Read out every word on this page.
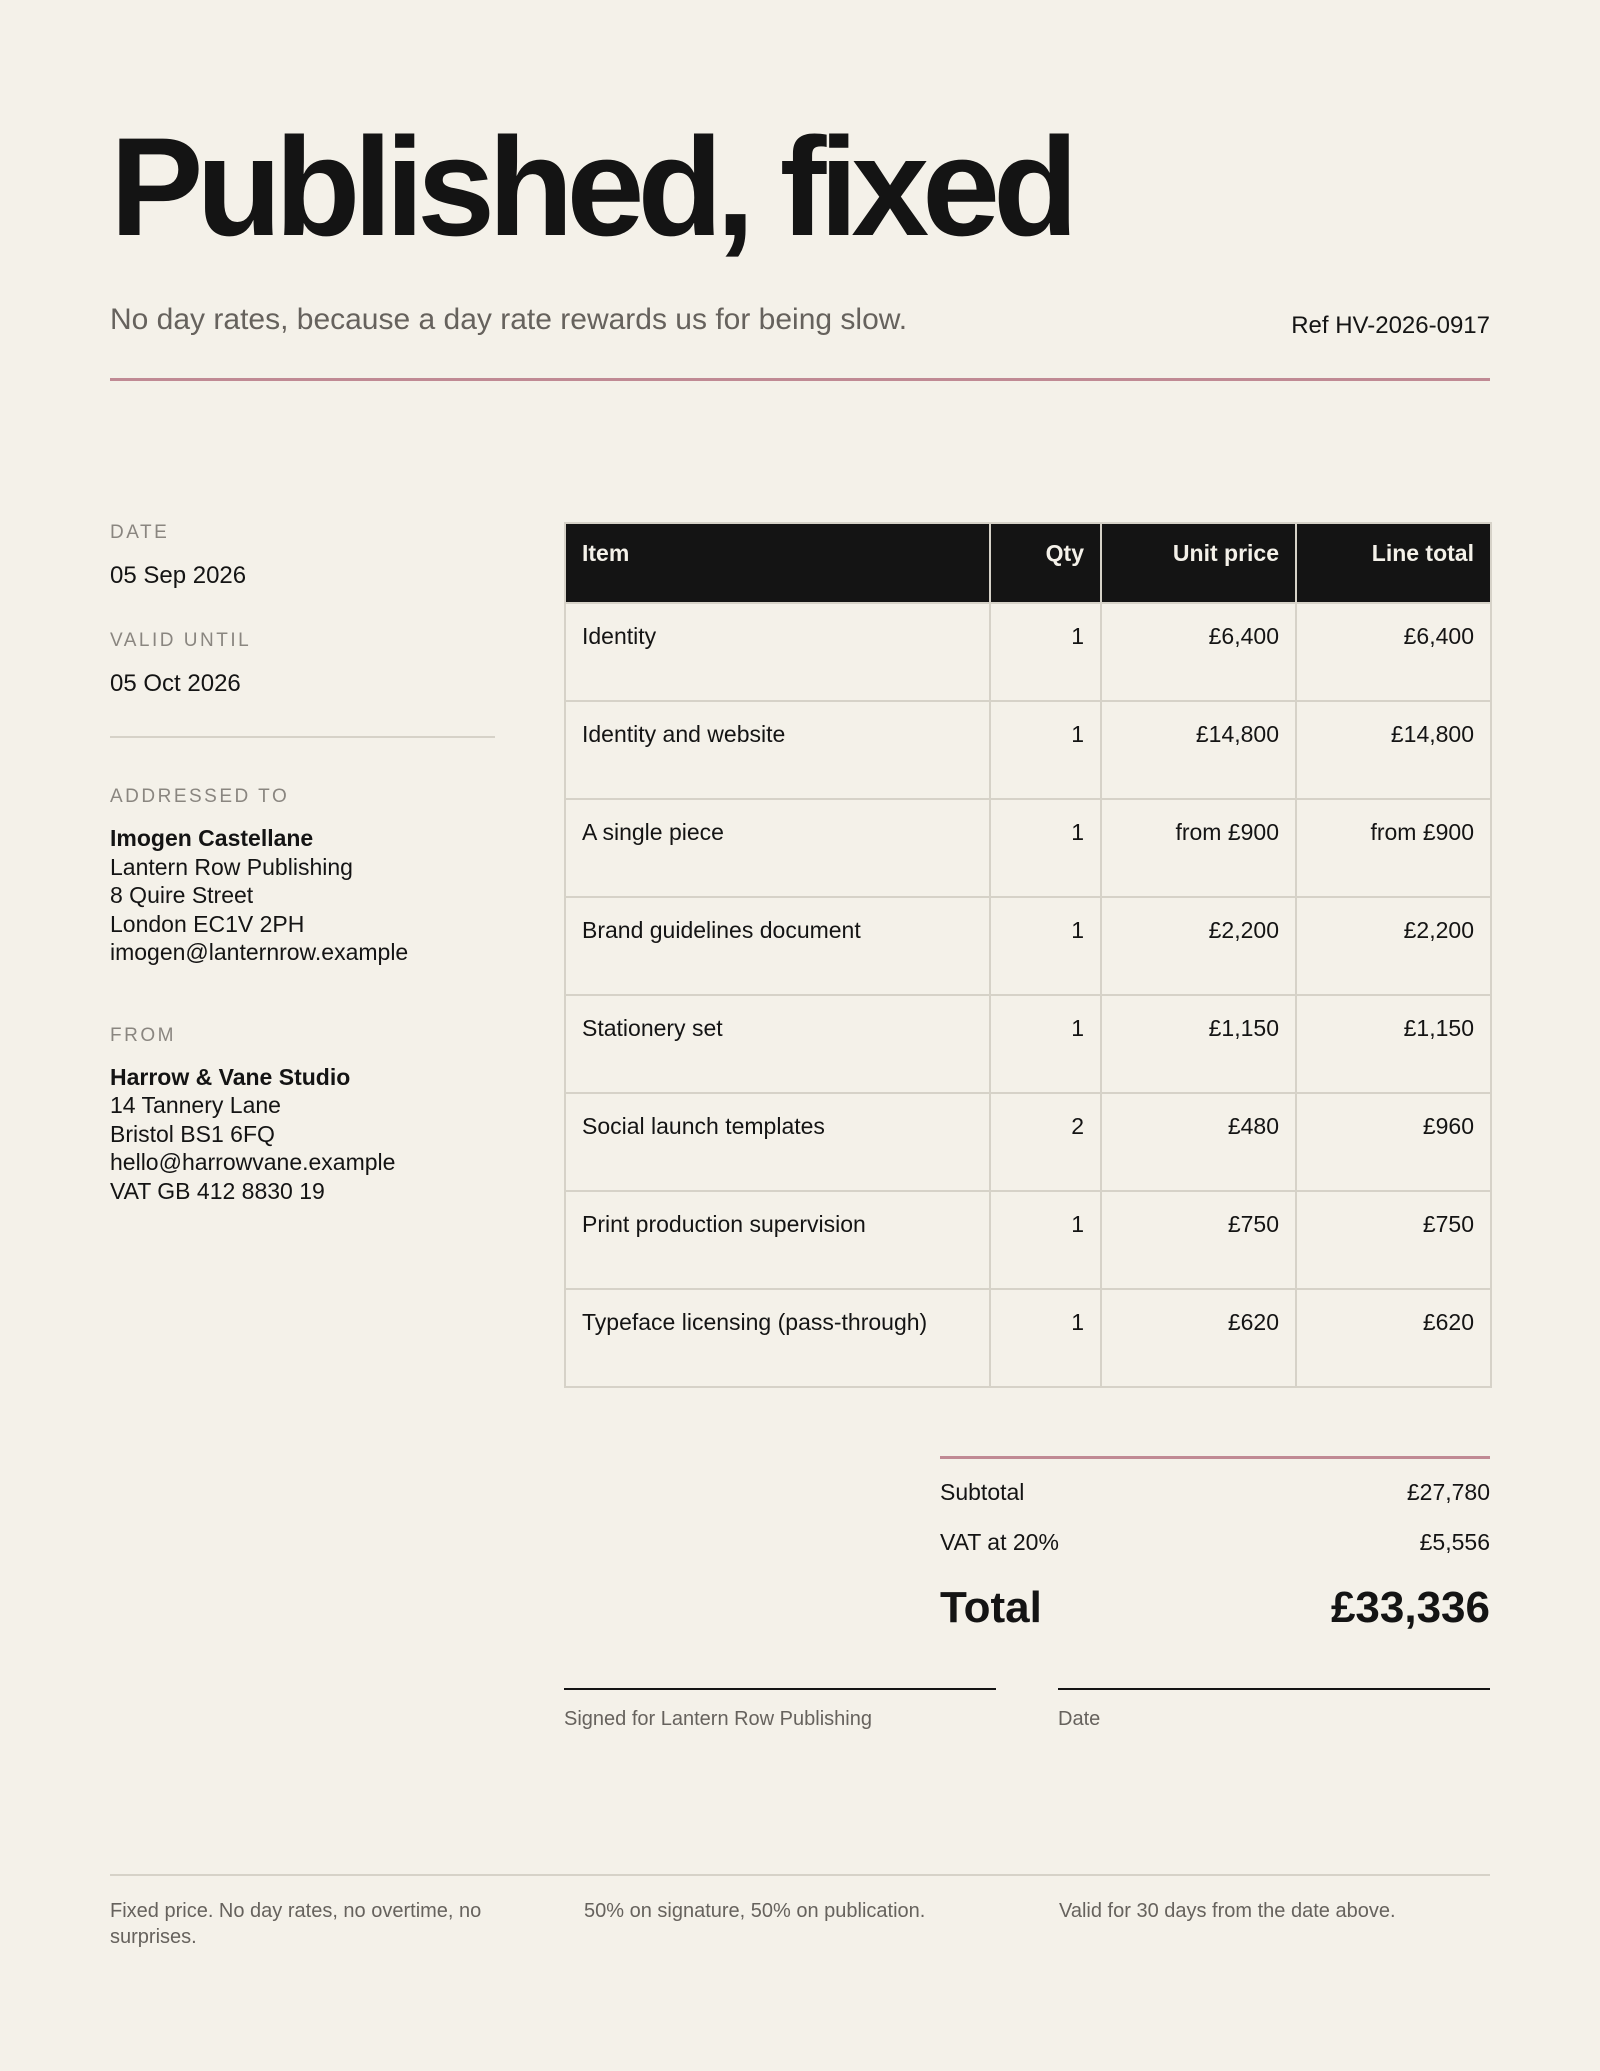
Published, fixed
No day rates, because a day rate rewards us for being slow.	Ref HV-2026-0917
DATE
05 Sep 2026
VALID UNTIL
05 Oct 2026
ADDRESSED TO
Imogen Castellane
Lantern Row Publishing
8 Quire Street
London EC1V 2PH
imogen@lanternrow.example
FROM
Harrow & Vane Studio
14 Tannery Lane
Bristol BS1 6FQ
hello@harrowvane.example
VAT GB 412 8830 19
Item	Qty	Unit price	Line total
Identity	1	£6,400	£6,400
Identity and website	1	£14,800	£14,800
A single piece	1	from £900	from £900
Brand guidelines document	1	£2,200	£2,200
Stationery set	1	£1,150	£1,150
Social launch templates	2	£480	£960
Print production supervision	1	£750	£750
Typeface licensing (pass-through)	1	£620	£620
Subtotal	£27,780
VAT at 20%	£5,556
Total	£33,336
Signed for Lantern Row Publishing	Date
Fixed price. No day rates, no overtime, no surprises.
50% on signature, 50% on publication.	Valid for 30 days from the date above.
